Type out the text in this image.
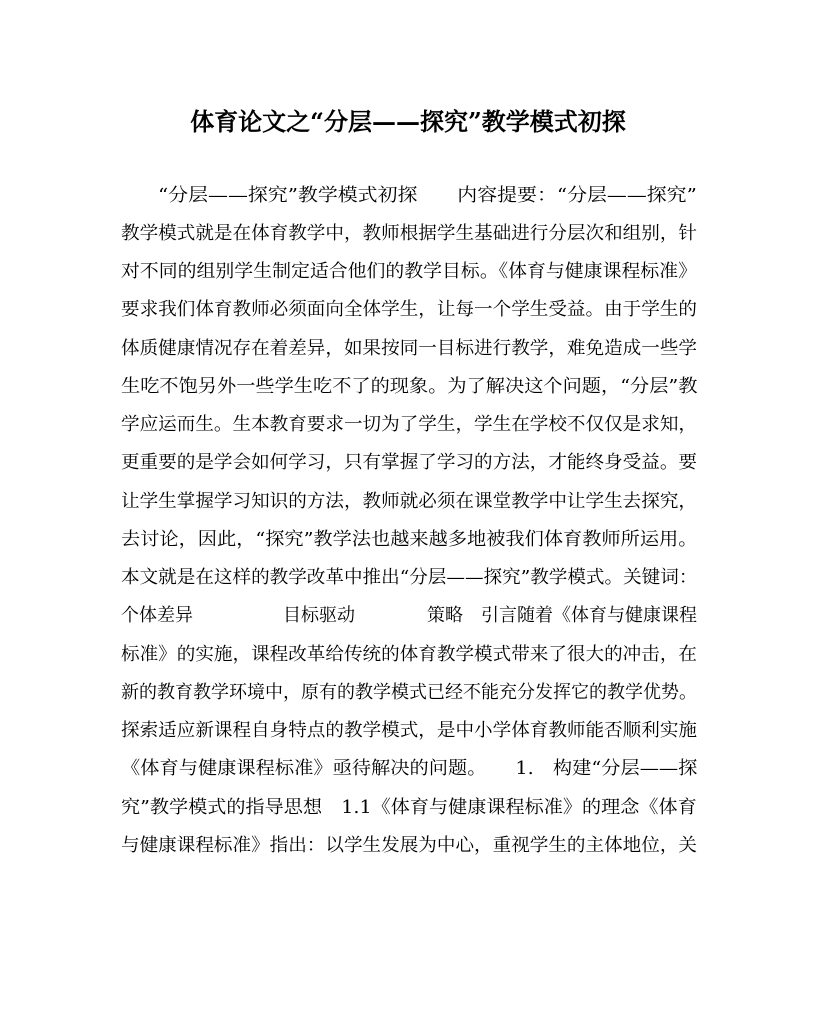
体育论文之“分层——探究”教学模式初探
“分层——探究”教学模式初探　　内容提要：“分层——探究”
教学模式就是在体育教学中，教师根据学生基础进行分层次和组别，针
对不同的组别学生制定适合他们的教学目标。《体育与健康课程标准》
要求我们体育教师必须面向全体学生，让每一个学生受益。由于学生的
体质健康情况存在着差异，如果按同一目标进行教学，难免造成一些学
生吃不饱另外一些学生吃不了的现象。为了解决这个问题，“分层”教
学应运而生。生本教育要求一切为了学生，学生在学校不仅仅是求知，
更重要的是学会如何学习，只有掌握了学习的方法，才能终身受益。要
让学生掌握学习知识的方法，教师就必须在课堂教学中让学生去探究，
去讨论，因此，“探究”教学法也越来越多地被我们体育教师所运用。
本文就是在这样的教学改革中推出“分层——探究”教学模式。关键词：
个体差异　　　　　目标驱动　　　　策略　引言随着《体育与健康课程
标准》的实施，课程改革给传统的体育教学模式带来了很大的冲击，在
新的教育教学环境中，原有的教学模式已经不能充分发挥它的教学优势。
探索适应新课程自身特点的教学模式，是中小学体育教师能否顺利实施
《体育与健康课程标准》亟待解决的问题。　　1.　构建“分层——探
究”教学模式的指导思想　1.1《体育与健康课程标准》的理念《体育
与健康课程标准》指出：以学生发展为中心，重视学生的主体地位，关
